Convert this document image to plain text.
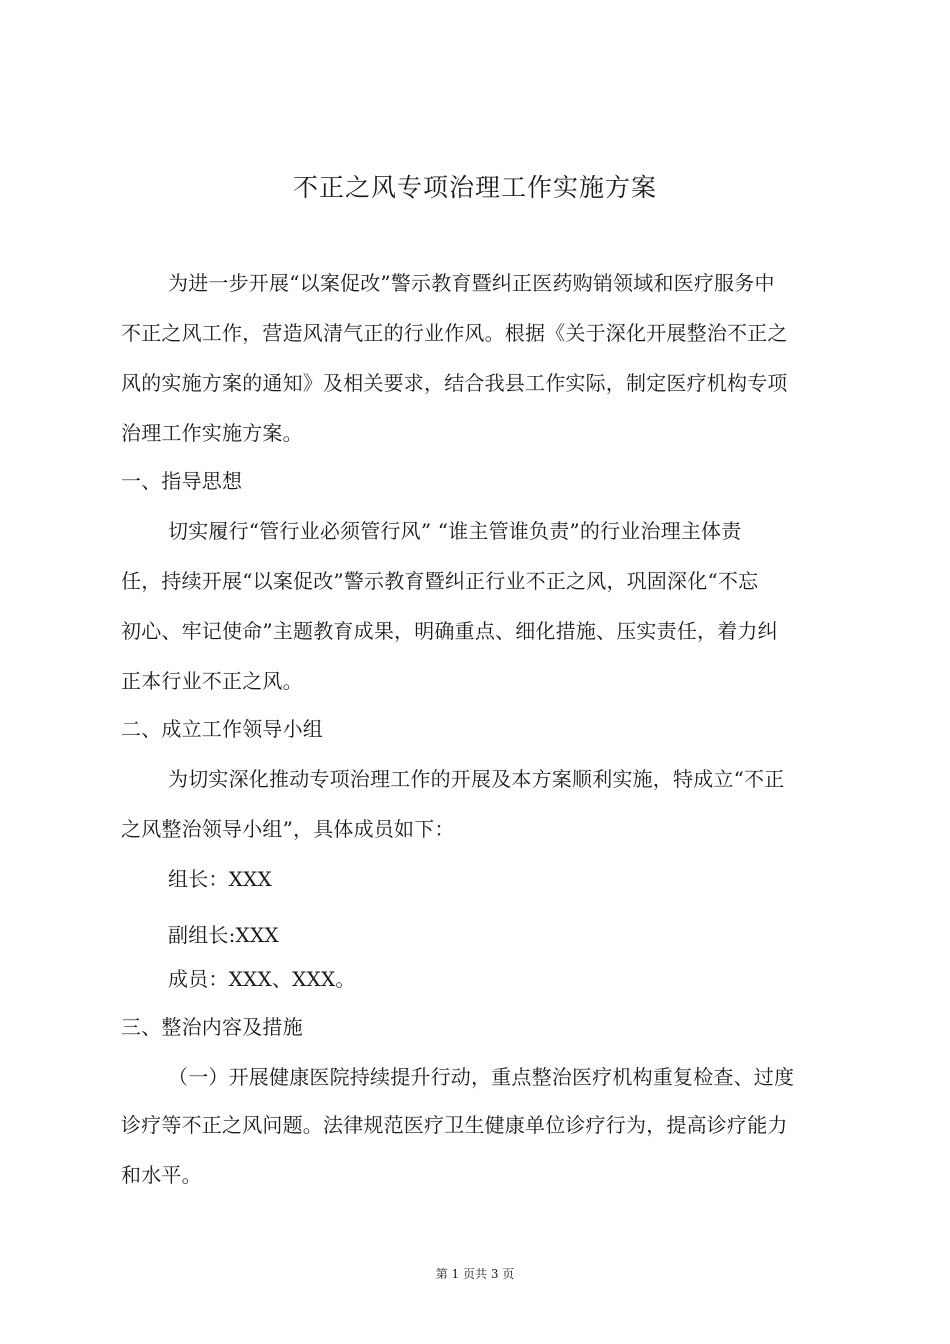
不正之风专项治理工作实施方案
为进一步开展“以案促改”警示教育暨纠正医药购销领域和医疗服务中
不正之风工作，营造风清气正的行业作风。根据《关于深化开展整治不正之
风的实施方案的通知》及相关要求，结合我县工作实际，制定医疗机构专项
治理工作实施方案。
一、指导思想
切实履行“管行业必须管行风” “谁主管谁负责”的行业治理主体责
任，持续开展“以案促改”警示教育暨纠正行业不正之风，巩固深化“不忘
初心、牢记使命”主题教育成果，明确重点、细化措施、压实责任，着力纠
正本行业不正之风。
二、成立工作领导小组
为切实深化推动专项治理工作的开展及本方案顺利实施，特成立“不正
之风整治领导小组”，具体成员如下：
组长：XXX
副组长:XXX
成员：XXX、XXX。
三、整治内容及措施
（一）开展健康医院持续提升行动，重点整治医疗机构重复检查、过度
诊疗等不正之风问题。法律规范医疗卫生健康单位诊疗行为，提高诊疗能力
和水平。
第 1 页共 3 页
